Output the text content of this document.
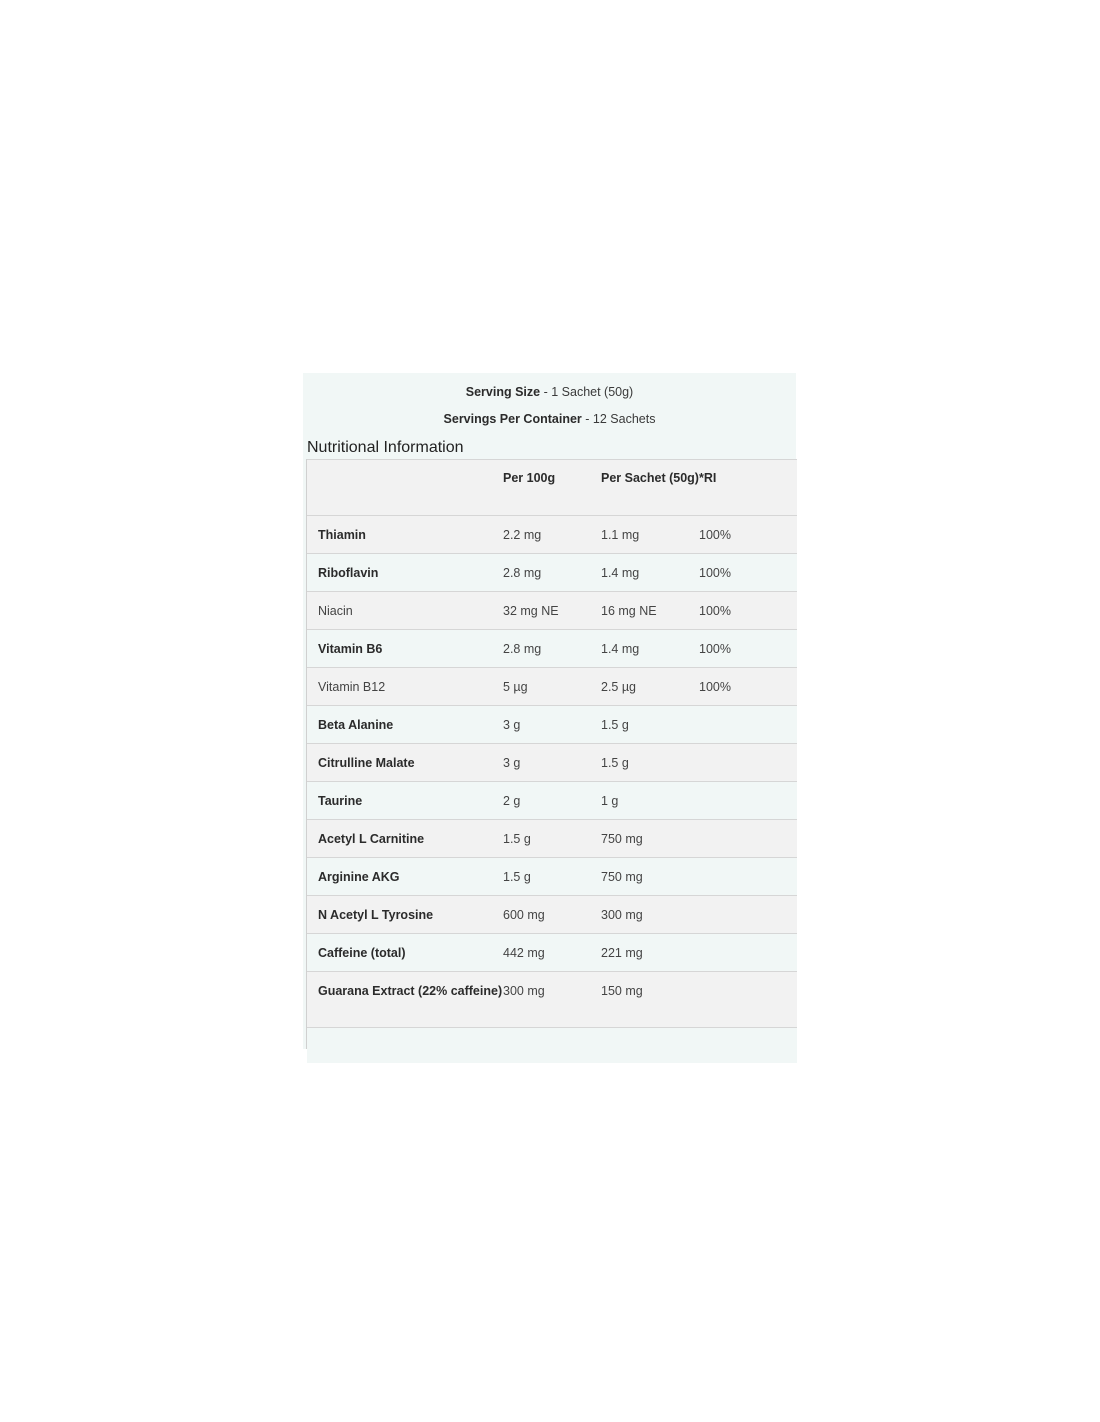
Serving Size - 1 Sachet (50g)
Servings Per Container - 12 Sachets
Nutritional Information
Per 100g	Per Sachet (50g) *RI
Thiamin	2.2 mg	1.1 mg	100%
Riboflavin	2.8 mg	1.4 mg	100%
Niacin	32 mg NE	16 mg NE	100%
Vitamin B6	2.8 mg	1.4 mg	100%
Vitamin B12	5 µg	2.5 µg	100%
Beta Alanine	3 g	1.5 g
Citrulline Malate	3 g	1.5 g
Taurine	2 g	1 g
Acetyl L Carnitine	1.5 g	750 mg
Arginine AKG	1.5 g	750 mg
N Acetyl L Tyrosine	600 mg	300 mg
Caffeine (total)	442 mg	221 mg
Guarana Extract (22% caffeine) 300 mg	150 mg
